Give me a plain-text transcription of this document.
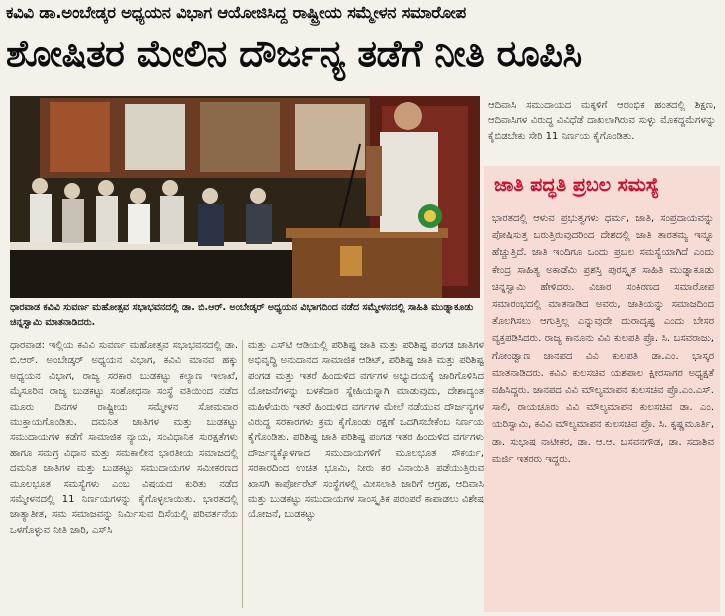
ಕವಿವಿ ಡಾ.ಅಂಬೇಡ್ಕರ ಅಧ್ಯಯನ ವಿಭಾಗ ಆಯೋಜಿಸಿದ್ದ ರಾಷ್ಟ್ರೀಯ ಸಮ್ಮೇಳನ ಸಮಾರೋಪ
ಶೋಷಿತರ ಮೇಲಿನ ದೌರ್ಜನ್ಯ ತಡೆಗೆ ನೀತಿ ರೂಪಿಸಿ
ಧಾರವಾಡ ಕವಿವಿ ಸುವರ್ಣ ಮಹೋತ್ಸವ ಸಭಾಭವನದಲ್ಲಿ ಡಾ. ಬಿ.ಆರ್. ಅಂಬೇಡ್ಕರ್ ಅಧ್ಯಯನ ವಿಭಾಗದಿಂದ ನಡೆದ ಸಮ್ಮೇಳನದಲ್ಲಿ ಸಾಹಿತಿ ಮುಡ್ನಾಕೂಡು ಚಿನ್ನಸ್ವಾಮಿ ಮಾತನಾಡಿದರು.
ಧಾರವಾಡ: ಇಲ್ಲಿಯ ಕವಿವಿ ಸುವರ್ಣ ಮಹೋತ್ಸವ ಸಭಾಭವನದಲ್ಲಿ ಡಾ. ಬಿ.ಆರ್. ಅಂಬೇಡ್ಕರ್ ಅಧ್ಯಯನ ವಿಭಾಗ, ಕವಿವಿ ಮಾನವ ಹಕ್ಕು ಅಧ್ಯಯನ ವಿಭಾಗ, ರಾಜ್ಯ ಸರಕಾರ ಬುಡಕಟ್ಟು ಕಲ್ಯಾಣ ಇಲಾಖೆ, ಮೈಸೂರಿನ ರಾಜ್ಯ ಬುಡಕಟ್ಟು ಸಂಶೋಧನಾ ಸಂಸ್ಥೆ ವತಿಯಿಂದ ನಡೆದ ಮೂರು ದಿನಗಳ ರಾಷ್ಟ್ರೀಯ ಸಮ್ಮೇಳನ ಸೋಮವಾರ ಮುಕ್ತಾಯಗೊಂಡಿತು. ದಮನಿತ ಜಾತಿಗಳ ಮತ್ತು ಬುಡಕಟ್ಟು ಸಮುದಾಯಗಳ ಕಡೆಗೆ ಸಾಮಾಜಿಕ ನ್ಯಾಯ, ಸಂವಿಧಾನಿಕ ಸುರಕ್ಷತೆಗಳು ಹಾಗೂ ಸಮಗ್ರ ವಿಧಾನ ಮತ್ತು ಸಮಕಾಲೀನ ಭಾರತೀಯ ಸಮಾಜದಲ್ಲಿ ದಮನಿತ ಜಾತಿಗಳ ಮತ್ತು ಬುಡಕಟ್ಟು ಸಮುದಾಯಗಳ ಸಮೀಕರಣದ ಮೂಲಭೂತ ಸಮಸ್ಯೆಗಳು ಎಂಬ ವಿಷಯದ ಕುರಿತು ನಡೆದ ಸಮ್ಮೇಳನದಲ್ಲಿ 11 ನಿರ್ಣಯಗಳನ್ನು ಕೈಗೊಳ್ಳಲಾಯಿತು. ಭಾರತದಲ್ಲಿ ಜಾತ್ಯಾತೀತ, ಸಮ ಸಮಾಜವನ್ನು ನಿರ್ಮಿಸುವ ದಿಸೆಯಲ್ಲಿ ಪರಿವರ್ತನೆಯ ಒಳಗೊಳ್ಳುವ ನೀತಿ ಜಾರಿ, ಎಸ್‌ಸಿ
ಮತ್ತು ಎಸ್‌ಟಿ ಆಡಿಯಲ್ಲಿ ಪರಿಶಿಷ್ಟ ಜಾತಿ ಮತ್ತು ಪರಿಶಿಷ್ಟ ಪಂಗಡ ಜಾತಿಗಳ ಅಭಿವೃದ್ಧಿ ಅನುದಾನದ ಸಾಮಾಜಿಕ ಆಡಿಟ್, ಪರಿಶಿಷ್ಟ ಜಾತಿ ಮತ್ತು ಪರಿಶಿಷ್ಟ ಪಂಗಡ ಮತ್ತು ಇತರೆ ಹಿಂದುಳಿದ ವರ್ಗಗಳ ಅಭ್ಯುದಯಕ್ಕೆ ಜಾರಿಗೊಳಿಸಿದ ಯೋಜನೆಗಳನ್ನು ಬಳಕೆದಾರ ಸ್ನೇಹಿಯನ್ನಾಗಿ ಮಾಡುವುದು, ದೇಶಾದ್ಯಂತ ಮಹಿಳೆಯರು ಇತರೆ ಹಿಂದುಳಿದ ವರ್ಗಗಳ ಮೇಲೆ ನಡೆಯುವ ದೌರ್ಜನ್ಯಗಳ ವಿರುದ್ಧ ಸರಕಾರಗಳು ಕ್ರಮ ಕೈಗೊಂಡು ರಕ್ಷಣೆ ಒದಗಿಸಬೇಕೆಂಬ ನಿರ್ಣಯ ಕೈಗೊಂಡಿತು. ಪರಿಶಿಷ್ಟ ಜಾತಿ ಪರಿಶಿಷ್ಟ ಪಂಗಡ ಇತರ ಹಿಂದುಳಿದ ವರ್ಗಗಳು ದೌರ್ಜನ್ಯಕ್ಕೊಳಗಾದ ಸಮುದಾಯಗಳಿಗೆ ಮೂಲಭೂತ ಸೌಕರ್ಯ, ಸರಕಾರದಿಂದ ಉಚಿತ ಭೂಮಿ, ನೀರು ಕರ ವಿನಾಯಿತಿ ಪಡೆಯುತ್ತಿರುವ ಖಾಸಗಿ ಕಾರ್ಪೋರೆಟ್ ಸಂಸ್ಥೆಗಳಲ್ಲಿ ಮೀಸಲಾತಿ ಜಾರಿಗೆ ಆಗ್ರಹ, ಆದಿವಾಸಿ ಮತ್ತು ಬುಡಕಟ್ಟು ಸಮುದಾಯಗಳ ಸಾಂಸ್ಕೃತಿಕ ಪರಂಪರೆ ಕಾಪಾಡಲು ವಿಶೇಷ ಯೋಜನೆ, ಬುಡಕಟ್ಟು
ಆದಿವಾಸಿ ಸಮುದಾಯದ ಮಕ್ಕಳಿಗೆ ಆರಂಭಿಕ ಹಂತದಲ್ಲಿ ಶಿಕ್ಷಣ, ಆದಿವಾಸಿಗಳ ವಿರುದ್ಧ ವಿವಿಧೆಡೆ ದಾಖಲಾಗಿರುವ ಸುಳ್ಳು ಮೊಕದ್ದಮೆಗಳನ್ನು ಕೈಬಿಡಬೇಕು ಸೇರಿ 11 ನಿರ್ಣಯ ಕೈಗೊಂಡಿತು.
ಜಾತಿ ಪದ್ಧತಿ ಪ್ರಬಲ ಸಮಸ್ಯೆ
ಭಾರತದಲ್ಲಿ ಆಳುವ ಪ್ರಭುತ್ವಗಳು ಧರ್ಮ, ಜಾತಿ, ಸಂಪ್ರದಾಯವನ್ನು ಪೋಷಿಸುತ್ತ ಬರುತ್ತಿರುವುದರಿಂದ ದೇಶದಲ್ಲಿ ಜಾತಿ ತಾರತಮ್ಯ ಇನ್ನೂ ಹೆಚ್ಚುತ್ತಿದೆ. ಜಾತಿ ಇಂದಿಗೂ ಒಂದು ಪ್ರಬಲ ಸಮಸ್ಯೆಯಾಗಿದೆ ಎಂದು ಕೇಂದ್ರ ಸಾಹಿತ್ಯ ಅಕಾಡೆಮಿ ಪ್ರಶಸ್ತಿ ಪುರಸ್ಕೃತ ಸಾಹಿತಿ ಮುಡ್ನಾಕೂಡು ಚಿನ್ನಸ್ವಾಮಿ ಹೇಳಿದರು. ವಿಚಾರ ಸಂಕಿರಣದ ಸಮಾರೋಪ ಸಮಾರಂಭದಲ್ಲಿ ಮಾತನಾಡಿದ ಅವರು, ಜಾತಿಯನ್ನು ಸಮಾಜದಿಂದ ತೊಲಗಿಸಲು ಆಗುತ್ತಿಲ್ಲ ಎನ್ನುವುದೇ ದುರಾದೃಷ್ಟ ಎಂದು ಬೇಸರ ವ್ಯಕ್ತಪಡಿಸಿದರು. ರಾಜ್ಯ ಕಾನೂನು ವಿವಿ ಕುಲಪತಿ ಪ್ರೊ. ಸಿ. ಬಸವರಾಜು, ಗೋಂಡ್ವಾಣ ಜಾನಪದ ವಿವಿ ಕುಲಪತಿ ಡಾ.ಎಂ. ಭಾಸ್ಕರ ಮಾತನಾಡಿದರು. ಕವಿವಿ ಕುಲಸಚಿವ ಯಶಪಾಲ ಕ್ಷೀರಸಾಗರ ಅಧ್ಯಕ್ಷತೆ ವಹಿಸಿದ್ದರು. ಜಾನಪದ ವಿವಿ ಮೌಲ್ಯಮಾಪನ ಕುಲಸಚಿವ ಪ್ರೊ.ಎಂ.ಎಸ್. ಸಾಲಿ, ರಾಯಚೂರು ವಿವಿ ಮೌಲ್ಯಮಾಪನ ಕುಲಸಚಿವ ಡಾ. ಎಂ. ಯರಿಸ್ವಾಮಿ, ಕವಿವಿ ಮೌಲ್ಯಮಾಪನ ಕುಲಸಚಿವ ಪ್ರೊ. ಸಿ. ಕೃಷ್ಣಮೂರ್ತಿ, ಡಾ. ಸುಭಾಷ ನಾಟೀಕರ, ಡಾ. ಆ.ಆ. ಬಸವನಗೌಡ, ಡಾ. ಸದಾಶಿವ ಮರ್ಜಿ ಇತರರು ಇದ್ದರು.
